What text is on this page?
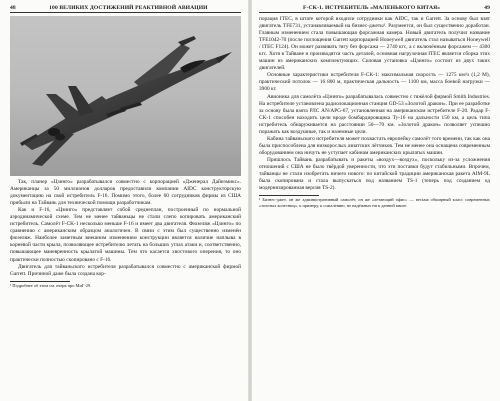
48	100 ВЕЛИКИХ ДОСТИЖЕНИЙ РЕАКТИВНОЙ АВИАЦИИ

Так, планер «Цзинго» разрабатывался совместно с корпорацией «Дженерал Дайнэмикс». Американцы за 50 миллионов долларов предоставили компании AIDC конструкторскую документацию на свой истребитель F-16. Помимо этого, более 60 сотрудников фирмы из США прибыли на Тайвань для технической помощи разработчикам.

Как и F-16, «Цзинго» представляет собой среднеплан, построенный по нормальной аэродинамической схеме. Тем не менее тайваньцы не стали слепо копировать американский истребитель. Самолёт F-CK-1 несколько меньше F-16 и имеет два двигателя. Фюзеляж «Цзинго» по сравнению с американским образцом аналогичен. В связи с этим был существенно изменён фюзеляж. Наиболее заметным внешним изменением конструкции является наличие наплыва в корневой части крыла, позволяющее истребителю летать на больших углах атаки и, соответственно, повышающее маневренность крылатой машины. Тем что касается хвостового оперения, то оно практически полностью скопировано с F-16.

Двигатель для тайваньского истребителя разрабатывался совместно с американской фирмой Garrett. Причиной даже была создана кор-

¹ Подробнее об этом см. очерк про МиГ-29.

F-CK-1. ИСТРЕБИТЕЛЬ «МАЛЕНЬКОГО КИТАЯ»	49

порация ITEC, в штате которой входили сотрудники как AIDC, так и Garrett. За основу был взят двигатель TFE731, устанавливаемый на бизнес-джеты¹. Разумеется, он был существенно доработан. Главным изменением стала повышающая форсажная камера. Новый двигатель получил название TFE1042-70 (после поглощения Garrett корпорацией Honeywell двигатель стал называться Honeywell / ITEC F124). Он может развивать тягу без форсажа — 2740 кгс, а с включённым форсажем — 4300 кгс. Хотя в Тайване и производятся часть деталей, основная нагрузочная ITEC является сборка этих машин из американских комплектующих. Силовая установка «Цзинго» состоит из двух таких двигателей.

Основные характеристики истребителя F-CK-1: максимальная скорость — 1275 км/ч (1,2 М), практический потолок — 16 800 м, практическая дальность — 1100 км, масса боевой нагрузки — 3900 кг.

Авионика для самолёта «Цзинго» разрабатывалась совместно с тяжёлой фирмой Smith Industries. На истребителе установлена радиолокационная станция GD-53 «Золотой дракон». При ее разработке за основу была взята РЛС AN/APG-67, установленная на американском истребителе F-20. Радар F-CK-1 способен находить цели вроде бомбардировщика Ту-16 на дальности 150 км, а цель типа истребитель обнаруживается на расстоянии 50—70 км. «Золотой дракон» позволяет успешно поражать как воздушные, так и наземные цели.

Кабина тайваньского истребителя может похвастать европейку самолёт того времени, так как она была приспособлена для низкорослых азиатских лётчиков. Тем не менее она оснащена современным оборудованием она ничуть не уступает кабинам американских крылатых машин.

Пришлось Тайвань разрабатывать и ракеты «воздух—воздух», поскольку из-за усложнения отношений с США не было твёрдой уверенности, что эти поставки будут стабильными. Впрочем, тайванцы не стали изобретать ничего нового: по китайской традиции американская ракета AIM-9L была скопирована и стала выпускаться под названием TS-1 (теперь под созданием од модернизированная версия TS-2).

¹ Бизнес-джет, он же административный самолёт, он же «летающий офис» — весьма обширный класс современных «золотых колесниц», к примеру, к сожалению, не надёжных ни к данной книге.
